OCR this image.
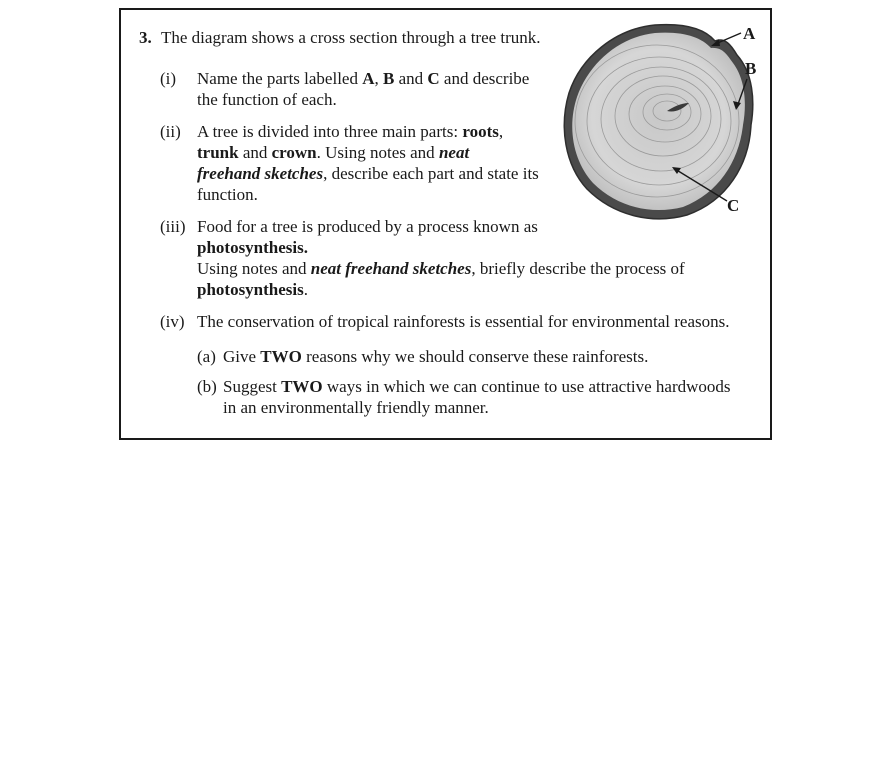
3. The diagram shows a cross section through a tree trunk.
(i) Name the parts labelled A, B and C and describe
the function of each.
(ii) A tree is divided into three main parts: roots,
trunk and crown. Using notes and neat
freehand sketches, describe each part and state its
function.
(iii) Food for a tree is produced by a process known as
photosynthesis.
Using notes and neat freehand sketches, briefly describe the process of
photosynthesis.
(iv) The conservation of tropical rainforests is essential for environmental reasons.
(a) Give TWO reasons why we should conserve these rainforests.
(b) Suggest TWO ways in which we can continue to use attractive hardwoods
in an environmentally friendly manner.
A
B
C
